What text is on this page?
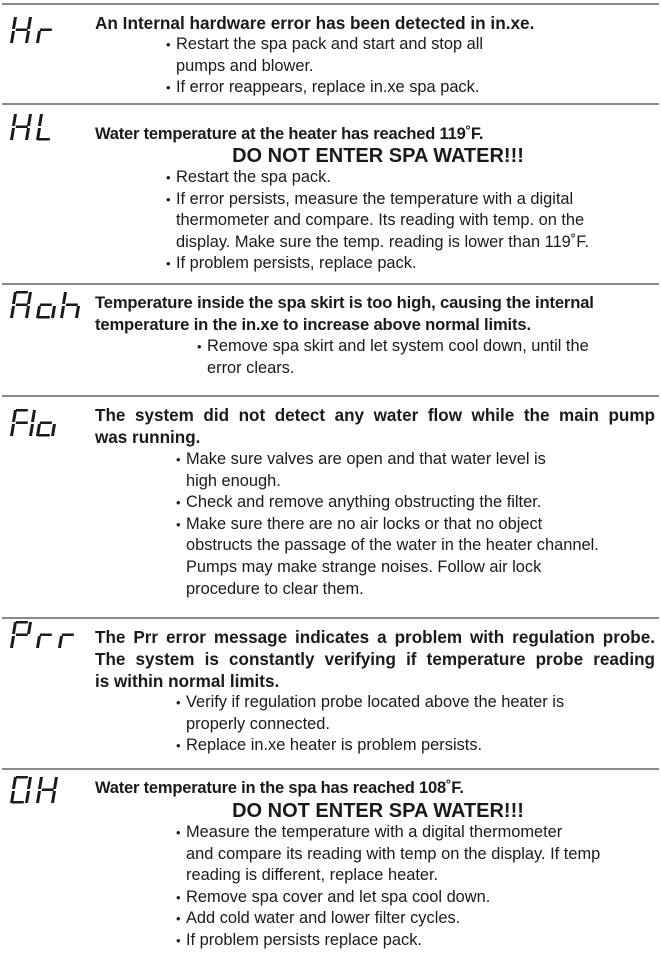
An Internal hardware error has been detected in in.xe.
• Restart the spa pack and start and stop all
pumps and blower.
• If error reappears, replace in.xe spa pack.
Water temperature at the heater has reached 119˚F.
DO NOT ENTER SPA WATER!!!
• Restart the spa pack.
• If error persists, measure the temperature with a digital
thermometer and compare. Its reading with temp. on the
display. Make sure the temp. reading is lower than 119˚F.
• If problem persists, replace pack.
Temperature inside the spa skirt is too high, causing the internal
temperature in the in.xe to increase above normal limits.
• Remove spa skirt and let system cool down, until the
error clears.
The system did not detect any water flow while the main pump
was running.
• Make sure valves are open and that water level is
high enough.
• Check and remove anything obstructing the filter.
• Make sure there are no air locks or that no object
obstructs the passage of the water in the heater channel.
Pumps may make strange noises. Follow air lock
procedure to clear them.
The Prr error message indicates a problem with regulation probe.
The system is constantly verifying if temperature probe reading
is within normal limits.
• Verify if regulation probe located above the heater is
properly connected.
• Replace in.xe heater is problem persists.
Water temperature in the spa has reached 108˚F.
DO NOT ENTER SPA WATER!!!
• Measure the temperature with a digital thermometer
and compare its reading with temp on the display. If temp
reading is different, replace heater.
• Remove spa cover and let spa cool down.
• Add cold water and lower filter cycles.
• If problem persists replace pack.
